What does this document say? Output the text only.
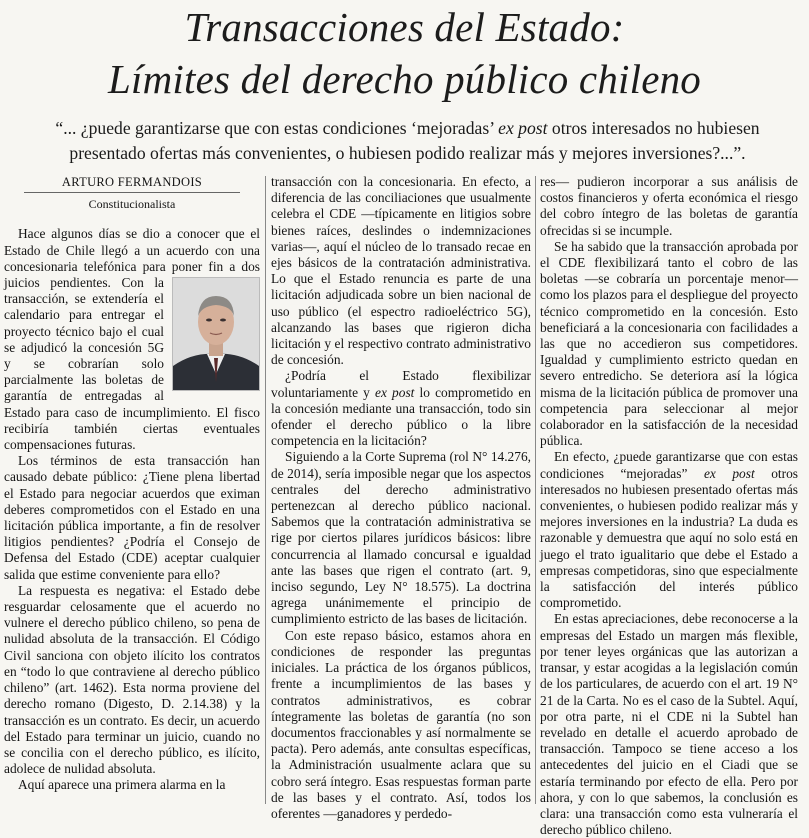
Transacciones del Estado:
Límites del derecho público chileno
“... ¿puede garantizarse que con estas condiciones ‘mejoradas’ ex post otros interesados no hubiesen
presentado ofertas más convenientes, o hubiesen podido realizar más y mejores inversiones?...”.
ARTURO FERMANDOIS
Constitucionalista

Hace algunos días se dio a conocer que el Estado de Chile llegó a un acuerdo con una concesionaria telefónica para poner fin a dos juicios pendientes.
Con la transacción, se extendería el calendario para entregar el proyecto técnico bajo el cual se adjudicó la concesión 5G y se cobrarían solo parcialmente las boletas de garantía de entregadas al Estado para caso de incumplimiento. El fisco recibiría también ciertas eventuales compensaciones futuras.

Los términos de esta transacción han causado debate público: ¿Tiene plena libertad el Estado para negociar acuerdos que eximan deberes comprometidos con el Estado en una licitación pública importante, a fin de resolver litigios pendientes? ¿Podría el Consejo de Defensa del Estado (CDE) aceptar cualquier salida que estime conveniente para ello?

La respuesta es negativa: el Estado debe resguardar celosamente que el acuerdo no vulnere el derecho público chileno, so pena de nulidad absoluta de la transacción. El Código Civil sanciona con objeto ilícito los contratos en “todo lo que contraviene al derecho público chileno” (art. 1462). Esta norma proviene del derecho romano (Digesto, D. 2.14.38) y la transacción es un contrato. Es decir, un acuerdo del Estado para terminar un juicio, cuando no se concilia con el derecho público, es ilícito, adolece de nulidad absoluta.

Aquí aparece una primera alarma en la

transacción con la concesionaria. En efecto, a diferencia de las conciliaciones que usualmente celebra el CDE —típicamente en litigios sobre bienes raíces, deslindes o indemnizaciones varias—, aquí el núcleo de lo transado recae en ejes básicos de la contratación administrativa. Lo que el Estado renuncia es parte de una licitación adjudicada sobre un bien nacional de uso público (el espectro radioeléctrico 5G), alcanzando las bases que rigieron dicha licitación y el respectivo contrato administrativo de concesión.

¿Podría el Estado flexibilizar voluntariamente y ex post lo comprometido en la concesión mediante una transacción, todo sin ofender el derecho público o la libre competencia en la licitación?

Siguiendo a la Corte Suprema (rol N° 14.276, de 2014), sería imposible negar que los aspectos centrales del derecho administrativo pertenezcan al derecho público nacional. Sabemos que la contratación administrativa se rige por ciertos pilares jurídicos básicos: libre concurrencia al llamado concursal e igualdad ante las bases que rigen el contrato (art. 9, inciso segundo, Ley N° 18.575). La doctrina agrega unánimemente el principio de cumplimiento estricto de las bases de licitación.

Con este repaso básico, estamos ahora en condiciones de responder las preguntas iniciales. La práctica de los órganos públicos, frente a incumplimientos de las bases y contratos administrativos, es cobrar íntegramente las boletas de garantía (no son documentos fraccionables y así normalmente se pacta). Pero además, ante consultas específicas, la Administración usualmente aclara que su cobro será íntegro. Esas respuestas forman parte de las bases y el contrato. Así, todos los oferentes —ganadores y perdedo-

res— pudieron incorporar a sus análisis de costos financieros y oferta económica el riesgo del cobro íntegro de las boletas de garantía ofrecidas si se incumple.

Se ha sabido que la transacción aprobada por el CDE flexibilizará tanto el cobro de las boletas —se cobraría un porcentaje menor— como los plazos para el despliegue del proyecto técnico comprometido en la concesión. Esto beneficiará a la concesionaria con facilidades a las que no accedieron sus competidores. Igualdad y cumplimiento estricto quedan en severo entredicho. Se deteriora así la lógica misma de la licitación pública de promover una competencia para seleccionar al mejor colaborador en la satisfacción de la necesidad pública.

En efecto, ¿puede garantizarse que con estas condiciones “mejoradas” ex post otros interesados no hubiesen presentado ofertas más convenientes, o hubiesen podido realizar más y mejores inversiones en la industria? La duda es razonable y demuestra que aquí no solo está en juego el trato igualitario que debe el Estado a empresas competidoras, sino que especialmente la satisfacción del interés público comprometido.

En estas apreciaciones, debe reconocerse a la empresas del Estado un margen más flexible, por tener leyes orgánicas que las autorizan a transar, y estar acogidas a la legislación común de los particulares, de acuerdo con el art. 19 N° 21 de la Carta. No es el caso de la Subtel. Aquí, por otra parte, ni el CDE ni la Subtel han revelado en detalle el acuerdo aprobado de transacción. Tampoco se tiene acceso a los antecedentes del juicio en el Ciadi que se estaría terminando por efecto de ella. Pero por ahora, y con lo que sabemos, la conclusión es clara: una transacción como esta vulneraría el derecho público chileno.
